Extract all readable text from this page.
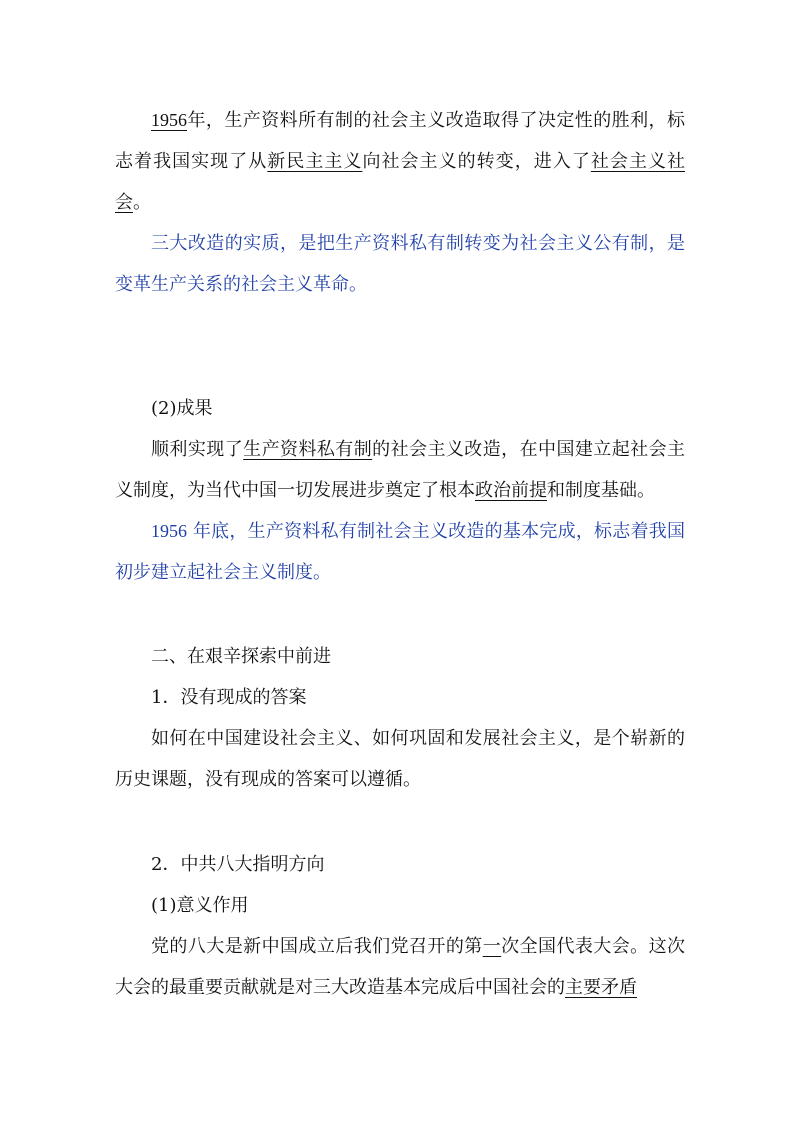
1956年，生产资料所有制的社会主义改造取得了决定性的胜利，标志着我国实现了从新民主主义向社会主义的转变，进入了社会主义社会。
三大改造的实质，是把生产资料私有制转变为社会主义公有制，是变革生产关系的社会主义革命。
(2)成果
顺利实现了生产资料私有制的社会主义改造，在中国建立起社会主义制度，为当代中国一切发展进步奠定了根本政治前提和制度基础。
1956 年底，生产资料私有制社会主义改造的基本完成，标志着我国初步建立起社会主义制度。
二、在艰辛探索中前进
1．没有现成的答案
如何在中国建设社会主义、如何巩固和发展社会主义，是个崭新的历史课题，没有现成的答案可以遵循。
2．中共八大指明方向
(1)意义作用
党的八大是新中国成立后我们党召开的第一次全国代表大会。这次大会的最重要贡献就是对三大改造基本完成后中国社会的主要矛盾
